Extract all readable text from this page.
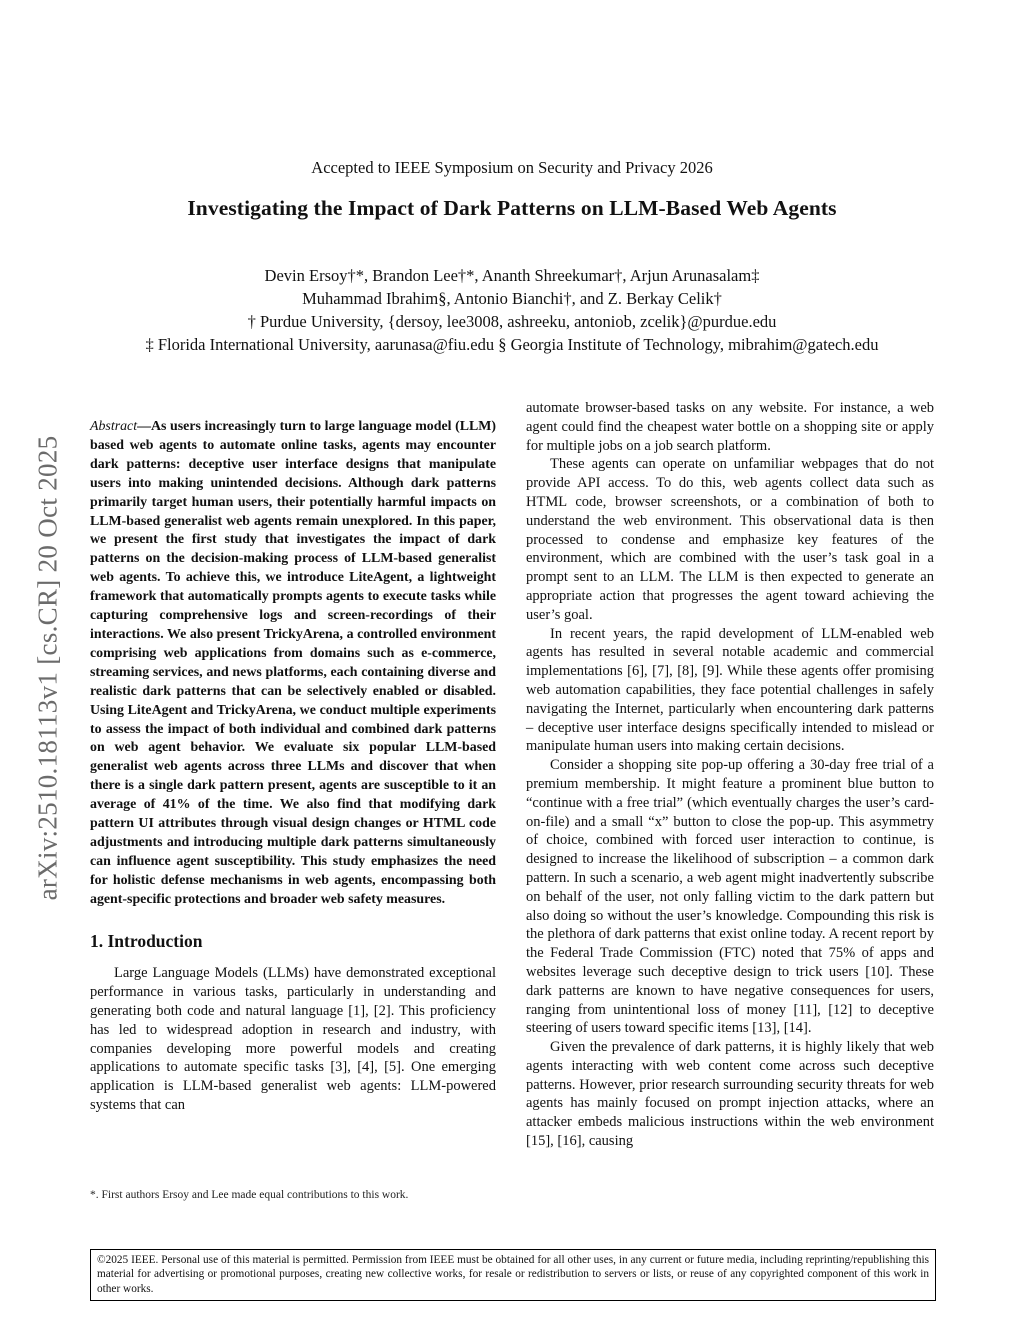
arXiv:2510.18113v1 [cs.CR] 20 Oct 2025
Accepted to IEEE Symposium on Security and Privacy 2026
Investigating the Impact of Dark Patterns on LLM-Based Web Agents
Devin Ersoy†*, Brandon Lee†*, Ananth Shreekumar†, Arjun Arunasalam‡
Muhammad Ibrahim§, Antonio Bianchi†, and Z. Berkay Celik†
† Purdue University, {dersoy, lee3008, ashreeku, antoniob, zcelik}@purdue.edu
‡ Florida International University, aarunasa@fiu.edu § Georgia Institute of Technology, mibrahim@gatech.edu

Abstract—As users increasingly turn to large language model (LLM) based web agents to automate online tasks, agents may encounter dark patterns: deceptive user interface designs that manipulate users into making unintended decisions. Although dark patterns primarily target human users, their potentially harmful impacts on LLM-based generalist web agents remain unexplored. In this paper, we present the first study that investigates the impact of dark patterns on the decision-making process of LLM-based generalist web agents. To achieve this, we introduce LiteAgent, a lightweight framework that automatically prompts agents to execute tasks while capturing comprehensive logs and screen-recordings of their interactions. We also present TrickyArena, a controlled environment comprising web applications from domains such as e-commerce, streaming services, and news platforms, each containing diverse and realistic dark patterns that can be selectively enabled or disabled. Using LiteAgent and TrickyArena, we conduct multiple experiments to assess the impact of both individual and combined dark patterns on web agent behavior. We evaluate six popular LLM-based generalist web agents across three LLMs and discover that when there is a single dark pattern present, agents are susceptible to it an average of 41% of the time. We also find that modifying dark pattern UI attributes through visual design changes or HTML code adjustments and introducing multiple dark patterns simultaneously can influence agent susceptibility. This study emphasizes the need for holistic defense mechanisms in web agents, encompassing both agent-specific protections and broader web safety measures.

1. Introduction

Large Language Models (LLMs) have demonstrated exceptional performance in various tasks, particularly in understanding and generating both code and natural language [1], [2]. This proficiency has led to widespread adoption in research and industry, with companies developing more powerful models and creating applications to automate specific tasks [3], [4], [5]. One emerging application is LLM-based generalist web agents: LLM-powered systems that can

*. First authors Ersoy and Lee made equal contributions to this work.

automate browser-based tasks on any website. For instance, a web agent could find the cheapest water bottle on a shopping site or apply for multiple jobs on a job search platform.

These agents can operate on unfamiliar webpages that do not provide API access. To do this, web agents collect data such as HTML code, browser screenshots, or a combination of both to understand the web environment. This observational data is then processed to condense and emphasize key features of the environment, which are combined with the user’s task goal in a prompt sent to an LLM. The LLM is then expected to generate an appropriate action that progresses the agent toward achieving the user’s goal.

In recent years, the rapid development of LLM-enabled web agents has resulted in several notable academic and commercial implementations [6], [7], [8], [9]. While these agents offer promising web automation capabilities, they face potential challenges in safely navigating the Internet, particularly when encountering dark patterns – deceptive user interface designs specifically intended to mislead or manipulate human users into making certain decisions.

Consider a shopping site pop-up offering a 30-day free trial of a premium membership. It might feature a prominent blue button to “continue with a free trial” (which eventually charges the user’s card-on-file) and a small “x” button to close the pop-up. This asymmetry of choice, combined with forced user interaction to continue, is designed to increase the likelihood of subscription – a common dark pattern. In such a scenario, a web agent might inadvertently subscribe on behalf of the user, not only falling victim to the dark pattern but also doing so without the user’s knowledge. Compounding this risk is the plethora of dark patterns that exist online today. A recent report by the Federal Trade Commission (FTC) noted that 75% of apps and websites leverage such deceptive design to trick users [10]. These dark patterns are known to have negative consequences for users, ranging from unintentional loss of money [11], [12] to deceptive steering of users toward specific items [13], [14].

Given the prevalence of dark patterns, it is highly likely that web agents interacting with web content come across such deceptive patterns. However, prior research surrounding security threats for web agents has mainly focused on prompt injection attacks, where an attacker embeds malicious instructions within the web environment [15], [16], causing

©2025 IEEE. Personal use of this material is permitted. Permission from IEEE must be obtained for all other uses, in any current or future media, including reprinting/republishing this material for advertising or promotional purposes, creating new collective works, for resale or redistribution to servers or lists, or reuse of any copyrighted component of this work in other works.
